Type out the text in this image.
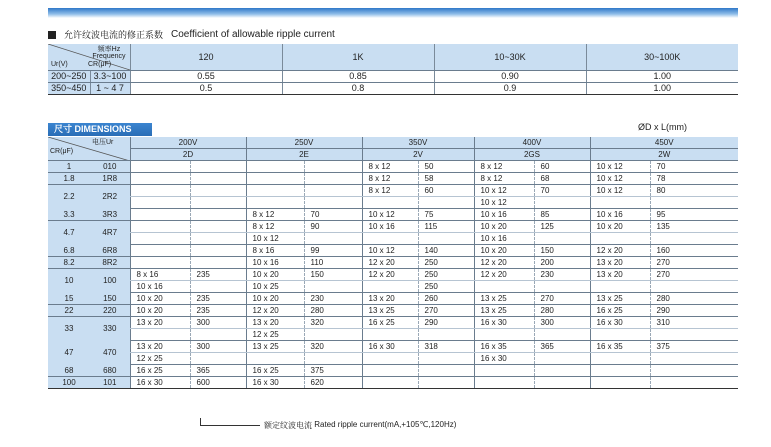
允许纹波电流的修正系数 Coefficient of allowable ripple current
频率Hz
Frequency
Ur(V) CR(μF)		120	1K	10~30K	30~100K
200~250	3.3~100	0.55	0.85	0.90	1.00
350~450	1 ~ 4 7	0.5	0.8	0.9	1.00
尺寸 DIMENSIONS	ØD x L(mm)
电压Ur
CR(μF)		200V		250V		350V		400V		450V	
		2D		2E		2V		2GS		2W	
1	010					8 x 12	50	8 x 12	60	10 x 12	70
1.8	1R8					8 x 12	58	8 x 12	68	10 x 12	78
2.2	2R2					8 x 12	60	10 x 12	70	10 x 12	80
								10 x 12			
3.3	3R3			8 x 12	70	10 x 12	75	10 x 16	85	10 x 16	95
4.7	4R7			8 x 12	90	10 x 16	115	10 x 20	125	10 x 20	135
				10 x 12				10 x 16			
6.8	6R8			8 x 16	99	10 x 12	140	10 x 20	150	12 x 20	160
8.2	8R2			10 x 16	110	12 x 20	250	12 x 20	200	13 x 20	270
10	100	8 x 16	235	10 x 20	150	12 x 20	250	12 x 20	230	13 x 20	270
		10 x 16		10 x 25			250				
15	150	10 x 20	235	10 x 20	230	13 x 20	260	13 x 25	270	13 x 25	280
22	220	10 x 20	235	12 x 20	280	13 x 25	270	13 x 25	280	16 x 25	290
33	330	13 x 20	300	13 x 20	320	16 x 25	290	16 x 30	300	16 x 30	310
				12 x 25							
47	470	13 x 20	300	13 x 25	320	16 x 30	318	16 x 35	365	16 x 35	375
		12 x 25						16 x 30			
68	680	16 x 25	365	16 x 25	375						
100	101	16 x 30	600	16 x 30	620						
额定纹波电流
Rated ripple current(mA,+105℃,120Hz)
